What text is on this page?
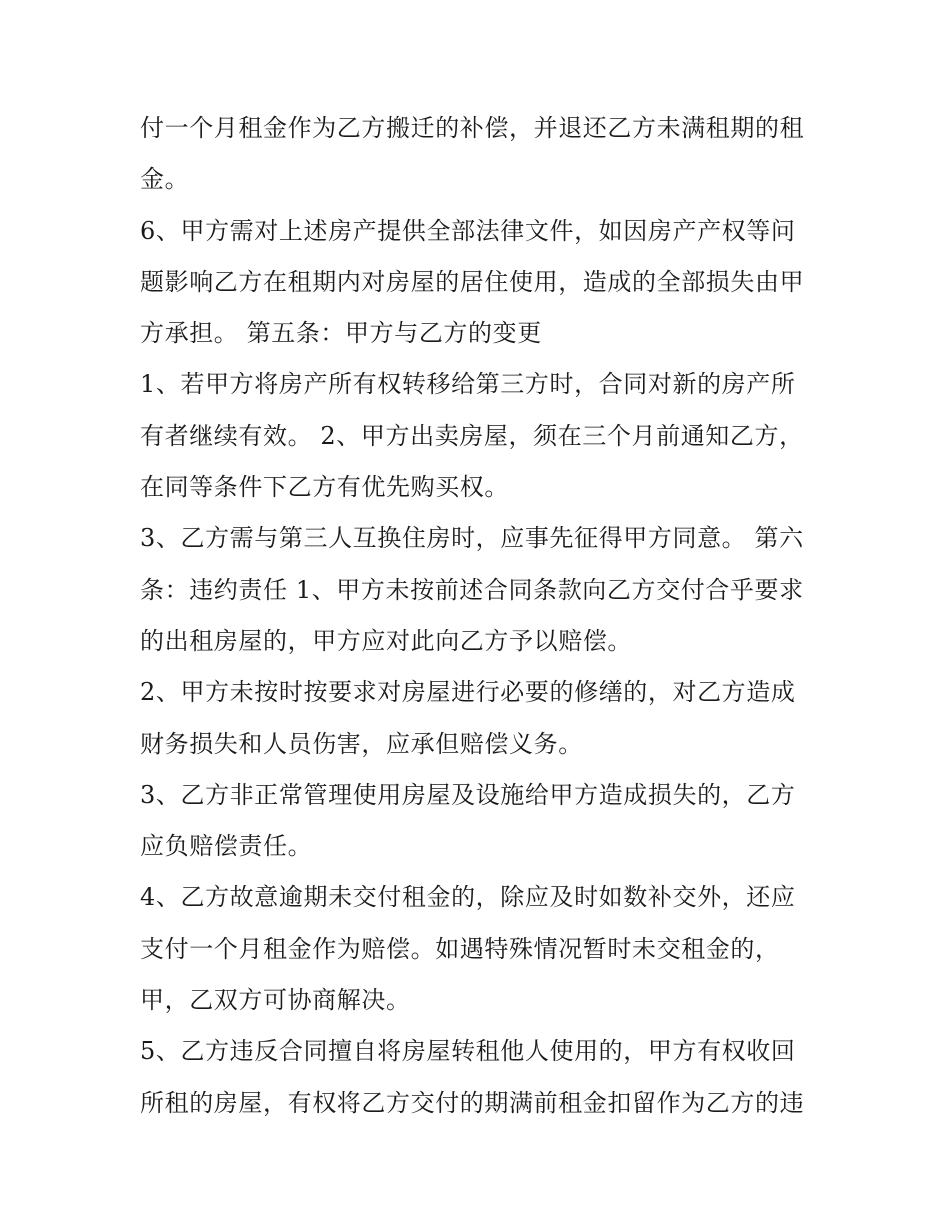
付一个月租金作为乙方搬迁的补偿，并退还乙方未满租期的租
金。
6、甲方需对上述房产提供全部法律文件，如因房产产权等问
题影响乙方在租期内对房屋的居住使用，造成的全部损失由甲
方承担。 第五条：甲方与乙方的变更
1、若甲方将房产所有权转移给第三方时，合同对新的房产所
有者继续有效。 2、甲方出卖房屋，须在三个月前通知乙方，
在同等条件下乙方有优先购买权。
3、乙方需与第三人互换住房时，应事先征得甲方同意。 第六
条：违约责任 1、甲方未按前述合同条款向乙方交付合乎要求
的出租房屋的，甲方应对此向乙方予以赔偿。
2、甲方未按时按要求对房屋进行必要的修缮的，对乙方造成
财务损失和人员伤害，应承但赔偿义务。
3、乙方非正常管理使用房屋及设施给甲方造成损失的，乙方
应负赔偿责任。
4、乙方故意逾期未交付租金的，除应及时如数补交外，还应
支付一个月租金作为赔偿。如遇特殊情况暂时未交租金的，
甲，乙双方可协商解决。
5、乙方违反合同擅自将房屋转租他人使用的，甲方有权收回
所租的房屋，有权将乙方交付的期满前租金扣留作为乙方的违
